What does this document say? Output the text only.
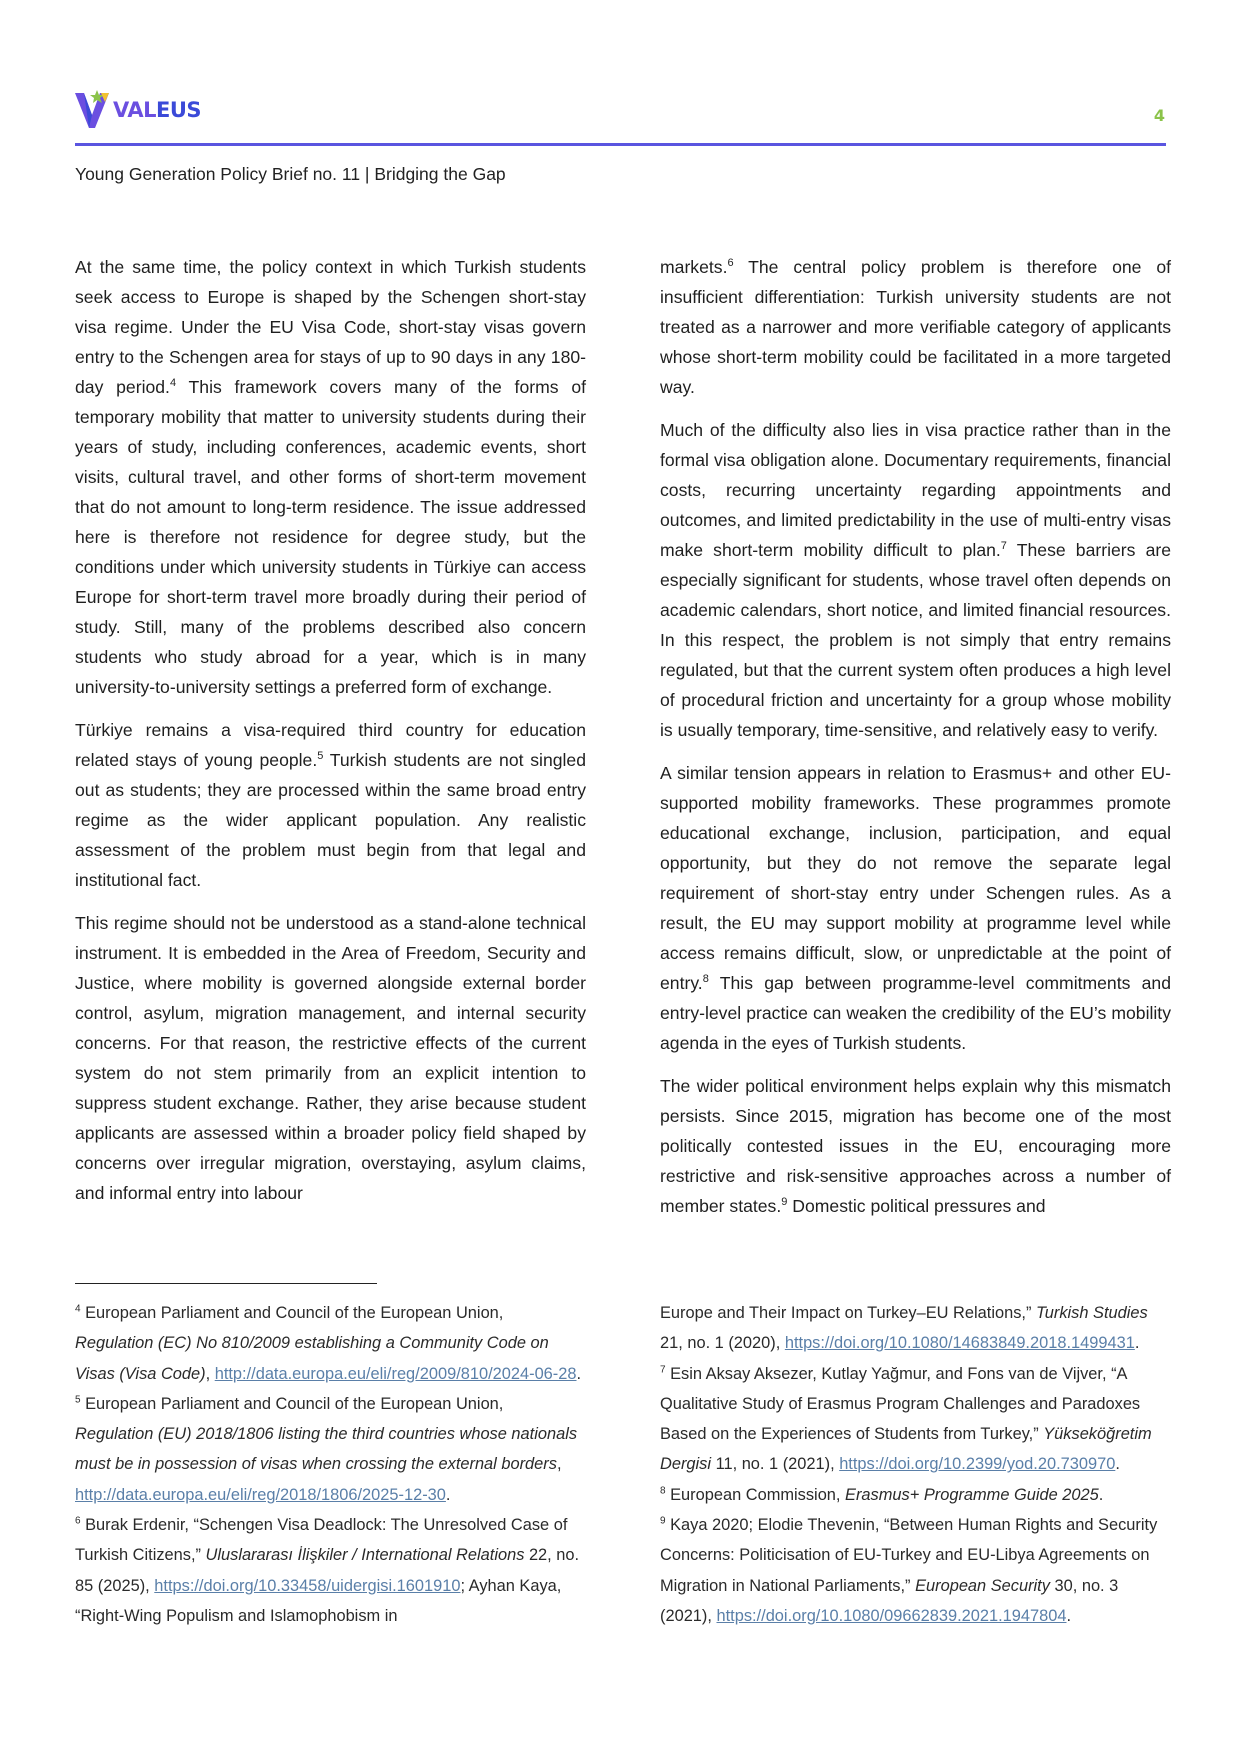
VALEUS	4
Young Generation Policy Brief no. 11 | Bridging the Gap

At the same time, the policy context in which Turkish students seek access to Europe is shaped by the Schengen short-stay visa regime. Under the EU Visa Code, short-stay visas govern entry to the Schengen area for stays of up to 90 days in any 180-day period.$^4$ This framework covers many of the forms of temporary mobility that matter to university students during their years of study, including conferences, academic events, short visits, cultural travel, and other forms of short-term movement that do not amount to long-term residence. The issue addressed here is therefore not residence for degree study, but the conditions under which university students in Türkiye can access Europe for short-term travel more broadly during their period of study. Still, many of the problems described also concern students who study abroad for a year, which is in many university-to-university settings a preferred form of exchange.

Türkiye remains a visa-required third country for education related stays of young people.$^5$ Turkish students are not singled out as students; they are processed within the same broad entry regime as the wider applicant population. Any realistic assessment of the problem must begin from that legal and institutional fact.

This regime should not be understood as a stand-alone technical instrument. It is embedded in the Area of Freedom, Security and Justice, where mobility is governed alongside external border control, asylum, migration management, and internal security concerns. For that reason, the restrictive effects of the current system do not stem primarily from an explicit intention to suppress student exchange. Rather, they arise because student applicants are assessed within a broader policy field shaped by concerns over irregular migration, overstaying, asylum claims, and informal entry into labour

markets.$^6$ The central policy problem is therefore one of insufficient differentiation: Turkish university students are not treated as a narrower and more verifiable category of applicants whose short-term mobility could be facilitated in a more targeted way.

Much of the difficulty also lies in visa practice rather than in the formal visa obligation alone. Documentary requirements, financial costs, recurring uncertainty regarding appointments and outcomes, and limited predictability in the use of multi-entry visas make short-term mobility difficult to plan.$^7$ These barriers are especially significant for students, whose travel often depends on academic calendars, short notice, and limited financial resources. In this respect, the problem is not simply that entry remains regulated, but that the current system often produces a high level of procedural friction and uncertainty for a group whose mobility is usually temporary, time-sensitive, and relatively easy to verify.

A similar tension appears in relation to Erasmus+ and other EU-supported mobility frameworks. These programmes promote educational exchange, inclusion, participation, and equal opportunity, but they do not remove the separate legal requirement of short-stay entry under Schengen rules. As a result, the EU may support mobility at programme level while access remains difficult, slow, or unpredictable at the point of entry.$^8$ This gap between programme-level commitments and entry-level practice can weaken the credibility of the EU’s mobility agenda in the eyes of Turkish students.

The wider political environment helps explain why this mismatch persists. Since 2015, migration has become one of the most politically contested issues in the EU, encouraging more restrictive and risk-sensitive approaches across a number of member states.$^9$ Domestic political pressures and

$^4$ European Parliament and Council of the European Union, Regulation (EC) No 810/2009 establishing a Community Code on Visas (Visa Code), http://data.europa.eu/eli/reg/2009/810/2024-06-28.
$^5$ European Parliament and Council of the European Union, Regulation (EU) 2018/1806 listing the third countries whose nationals must be in possession of visas when crossing the external borders, http://data.europa.eu/eli/reg/2018/1806/2025-12-30.
$^6$ Burak Erdenir, “Schengen Visa Deadlock: The Unresolved Case of Turkish Citizens,” Uluslararası İlişkiler / International Relations 22, no. 85 (2025), https://doi.org/10.33458/uidergisi.1601910; Ayhan Kaya, “Right-Wing Populism and Islamophobism in
Europe and Their Impact on Turkey–EU Relations,” Turkish Studies 21, no. 1 (2020), https://doi.org/10.1080/14683849.2018.1499431.
$^7$ Esin Aksay Aksezer, Kutlay Yağmur, and Fons van de Vijver, “A Qualitative Study of Erasmus Program Challenges and Paradoxes Based on the Experiences of Students from Turkey,” Yükseköğretim Dergisi 11, no. 1 (2021), https://doi.org/10.2399/yod.20.730970.
$^8$ European Commission, Erasmus+ Programme Guide 2025.
$^9$ Kaya 2020; Elodie Thevenin, “Between Human Rights and Security Concerns: Politicisation of EU-Turkey and EU-Libya Agreements on Migration in National Parliaments,” European Security 30, no. 3 (2021), https://doi.org/10.1080/09662839.2021.1947804.
